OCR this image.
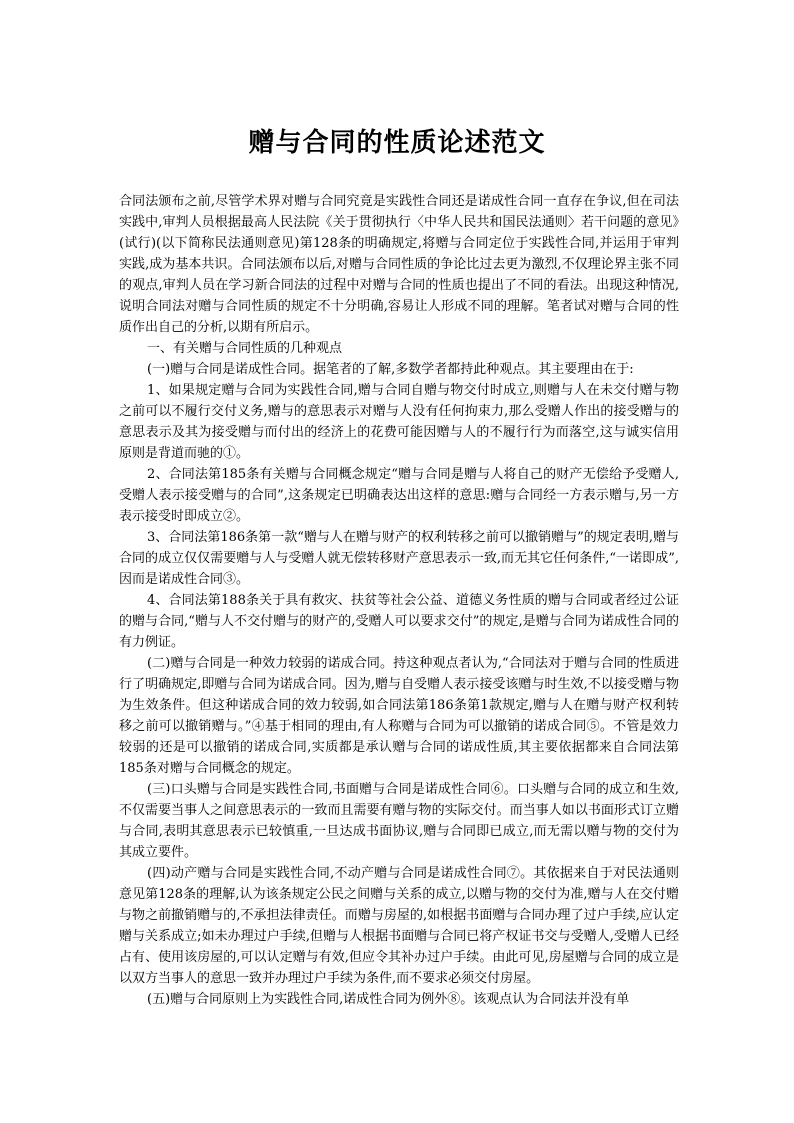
赠与合同的性质论述范文

合同法颁布之前,尽管学术界对赠与合同究竟是实践性合同还是诺成性合同一直存在争议,但在司法实践中,审判人员根据最高人民法院《关于贯彻执行〈中华人民共和国民法通则〉若干问题的意见》(试行)(以下简称民法通则意见)第128条的明确规定,将赠与合同定位于实践性合同,并运用于审判实践,成为基本共识。合同法颁布以后,对赠与合同性质的争论比过去更为激烈,不仅理论界主张不同的观点,审判人员在学习新合同法的过程中对赠与合同的性质也提出了不同的看法。出现这种情况,说明合同法对赠与合同性质的规定不十分明确,容易让人形成不同的理解。笔者试对赠与合同的性质作出自己的分析,以期有所启示。

一、有关赠与合同性质的几种观点

(一)赠与合同是诺成性合同。据笔者的了解,多数学者都持此种观点。其主要理由在于:

1、如果规定赠与合同为实践性合同,赠与合同自赠与物交付时成立,则赠与人在未交付赠与物之前可以不履行交付义务,赠与的意思表示对赠与人没有任何拘束力,那么受赠人作出的接受赠与的意思表示及其为接受赠与而付出的经济上的花费可能因赠与人的不履行行为而落空,这与诚实信用原则是背道而驰的①。

2、合同法第185条有关赠与合同概念规定“赠与合同是赠与人将自己的财产无偿给予受赠人,受赠人表示接受赠与的合同”,这条规定已明确表达出这样的意思:赠与合同经一方表示赠与,另一方表示接受时即成立②。

3、合同法第186条第一款“赠与人在赠与财产的权利转移之前可以撤销赠与”的规定表明,赠与合同的成立仅仅需要赠与人与受赠人就无偿转移财产意思表示一致,而无其它任何条件,“一诺即成”,因而是诺成性合同③。

4、合同法第188条关于具有救灾、扶贫等社会公益、道德义务性质的赠与合同或者经过公证的赠与合同,“赠与人不交付赠与的财产的,受赠人可以要求交付”的规定,是赠与合同为诺成性合同的有力例证。

(二)赠与合同是一种效力较弱的诺成合同。持这种观点者认为,“合同法对于赠与合同的性质进行了明确规定,即赠与合同为诺成合同。因为,赠与自受赠人表示接受该赠与时生效,不以接受赠与物为生效条件。但这种诺成合同的效力较弱,如合同法第186条第1款规定,赠与人在赠与财产权利转移之前可以撤销赠与。”④基于相同的理由,有人称赠与合同为可以撤销的诺成合同⑤。不管是效力较弱的还是可以撤销的诺成合同,实质都是承认赠与合同的诺成性质,其主要依据都来自合同法第185条对赠与合同概念的规定。

(三)口头赠与合同是实践性合同,书面赠与合同是诺成性合同⑥。口头赠与合同的成立和生效,不仅需要当事人之间意思表示的一致而且需要有赠与物的实际交付。而当事人如以书面形式订立赠与合同,表明其意思表示已较慎重,一旦达成书面协议,赠与合同即已成立,而无需以赠与物的交付为其成立要件。

(四)动产赠与合同是实践性合同,不动产赠与合同是诺成性合同⑦。其依据来自于对民法通则意见第128条的理解,认为该条规定公民之间赠与关系的成立,以赠与物的交付为准,赠与人在交付赠与物之前撤销赠与的,不承担法律责任。而赠与房屋的,如根据书面赠与合同办理了过户手续,应认定赠与关系成立;如未办理过户手续,但赠与人根据书面赠与合同已将产权证书交与受赠人,受赠人已经占有、使用该房屋的,可以认定赠与有效,但应令其补办过户手续。由此可见,房屋赠与合同的成立是以双方当事人的意思一致并办理过户手续为条件,而不要求必须交付房屋。

(五)赠与合同原则上为实践性合同,诺成性合同为例外⑧。该观点认为合同法并没有单
